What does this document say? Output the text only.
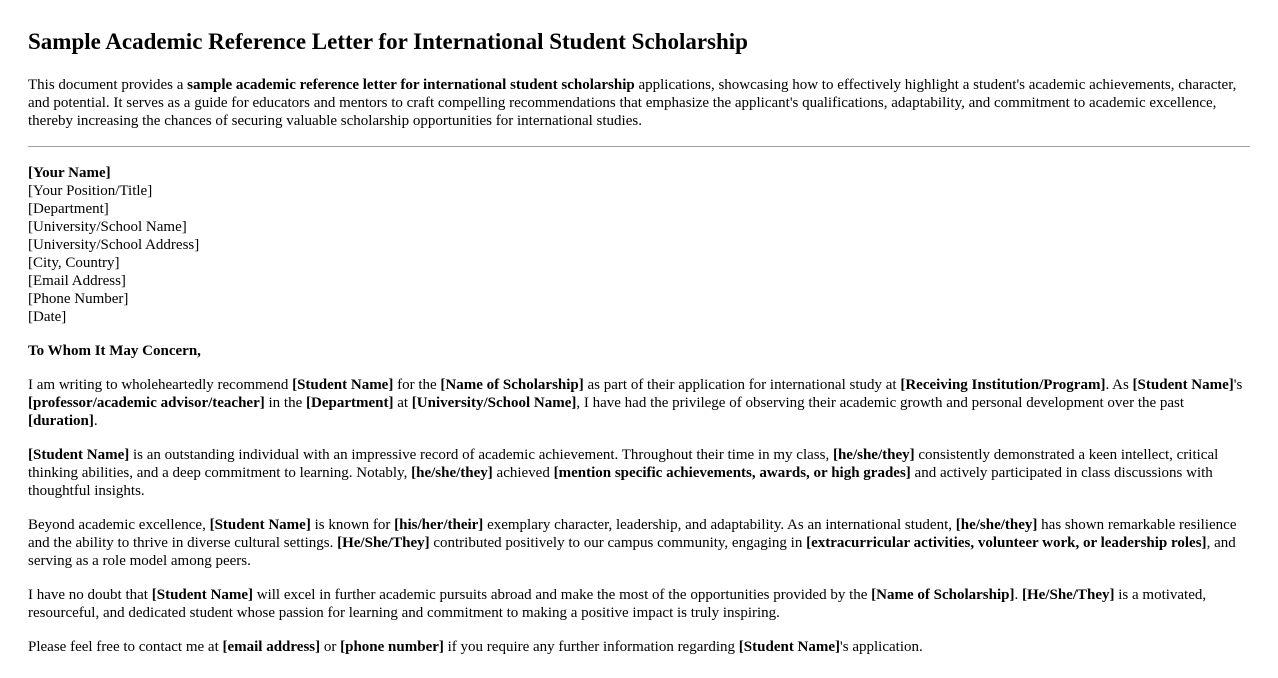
Sample Academic Reference Letter for International Student Scholarship

This document provides a sample academic reference letter for international student scholarship applications, showcasing how to effectively highlight a student's academic achievements, character, and potential. It serves as a guide for educators and mentors to craft compelling recommendations that emphasize the applicant's qualifications, adaptability, and commitment to academic excellence, thereby increasing the chances of securing valuable scholarship opportunities for international studies.

[Your Name]
[Your Position/Title]
[Department]
[University/School Name]
[University/School Address]
[City, Country]
[Email Address]
[Phone Number]
[Date]

To Whom It May Concern,

I am writing to wholeheartedly recommend [Student Name] for the [Name of Scholarship] as part of their application for international study at [Receiving Institution/Program]. As [Student Name]'s [professor/academic advisor/teacher] in the [Department] at [University/School Name], I have had the privilege of observing their academic growth and personal development over the past [duration].

[Student Name] is an outstanding individual with an impressive record of academic achievement. Throughout their time in my class, [he/she/they] consistently demonstrated a keen intellect, critical thinking abilities, and a deep commitment to learning. Notably, [he/she/they] achieved [mention specific achievements, awards, or high grades] and actively participated in class discussions with thoughtful insights.

Beyond academic excellence, [Student Name] is known for [his/her/their] exemplary character, leadership, and adaptability. As an international student, [he/she/they] has shown remarkable resilience and the ability to thrive in diverse cultural settings. [He/She/They] contributed positively to our campus community, engaging in [extracurricular activities, volunteer work, or leadership roles], and serving as a role model among peers.

I have no doubt that [Student Name] will excel in further academic pursuits abroad and make the most of the opportunities provided by the [Name of Scholarship]. [He/She/They] is a motivated, resourceful, and dedicated student whose passion for learning and commitment to making a positive impact is truly inspiring.

Please feel free to contact me at [email address] or [phone number] if you require any further information regarding [Student Name]'s application.
